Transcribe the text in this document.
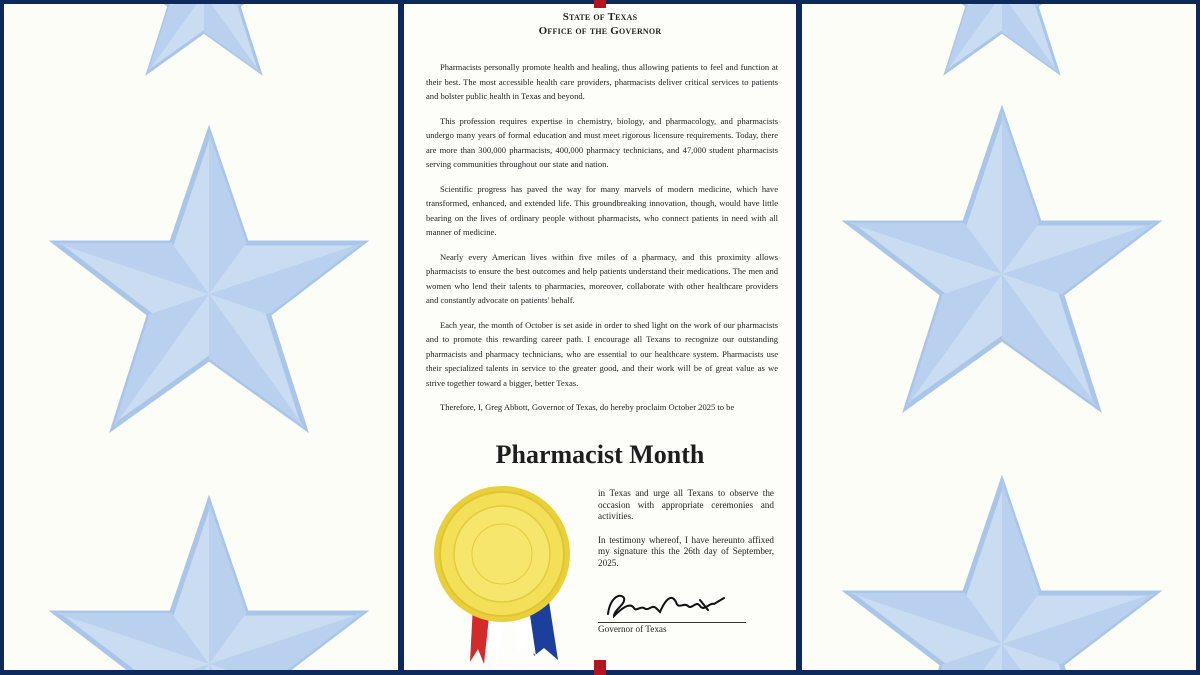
State of Texas
Office of the Governor

Pharmacists personally promote health and healing, thus allowing patients to feel and function at their best. The most accessible health care providers, pharmacists deliver critical services to patients and bolster public health in Texas and beyond.

This profession requires expertise in chemistry, biology, and pharmacology, and pharmacists undergo many years of formal education and must meet rigorous licensure requirements. Today, there are more than 300,000 pharmacists, 400,000 pharmacy technicians, and 47,000 student pharmacists serving communities throughout our state and nation.

Scientific progress has paved the way for many marvels of modern medicine, which have transformed, enhanced, and extended life. This groundbreaking innovation, though, would have little bearing on the lives of ordinary people without pharmacists, who connect patients in need with all manner of medicine.

Nearly every American lives within five miles of a pharmacy, and this proximity allows pharmacists to ensure the best outcomes and help patients understand their medications. The men and women who lend their talents to pharmacies, moreover, collaborate with other healthcare providers and constantly advocate on patients' behalf.

Each year, the month of October is set aside in order to shed light on the work of our pharmacists and to promote this rewarding career path. I encourage all Texans to recognize our outstanding pharmacists and pharmacy technicians, who are essential to our healthcare system. Pharmacists use their specialized talents in service to the greater good, and their work will be of great value as we strive together toward a bigger, better Texas.

Therefore, I, Greg Abbott, Governor of Texas, do hereby proclaim October 2025 to be

Pharmacist Month

in Texas and urge all Texans to observe the occasion with appropriate ceremonies and activities.

In testimony whereof, I have hereunto affixed my signature this the 26th day of September, 2025.

Governor of Texas
